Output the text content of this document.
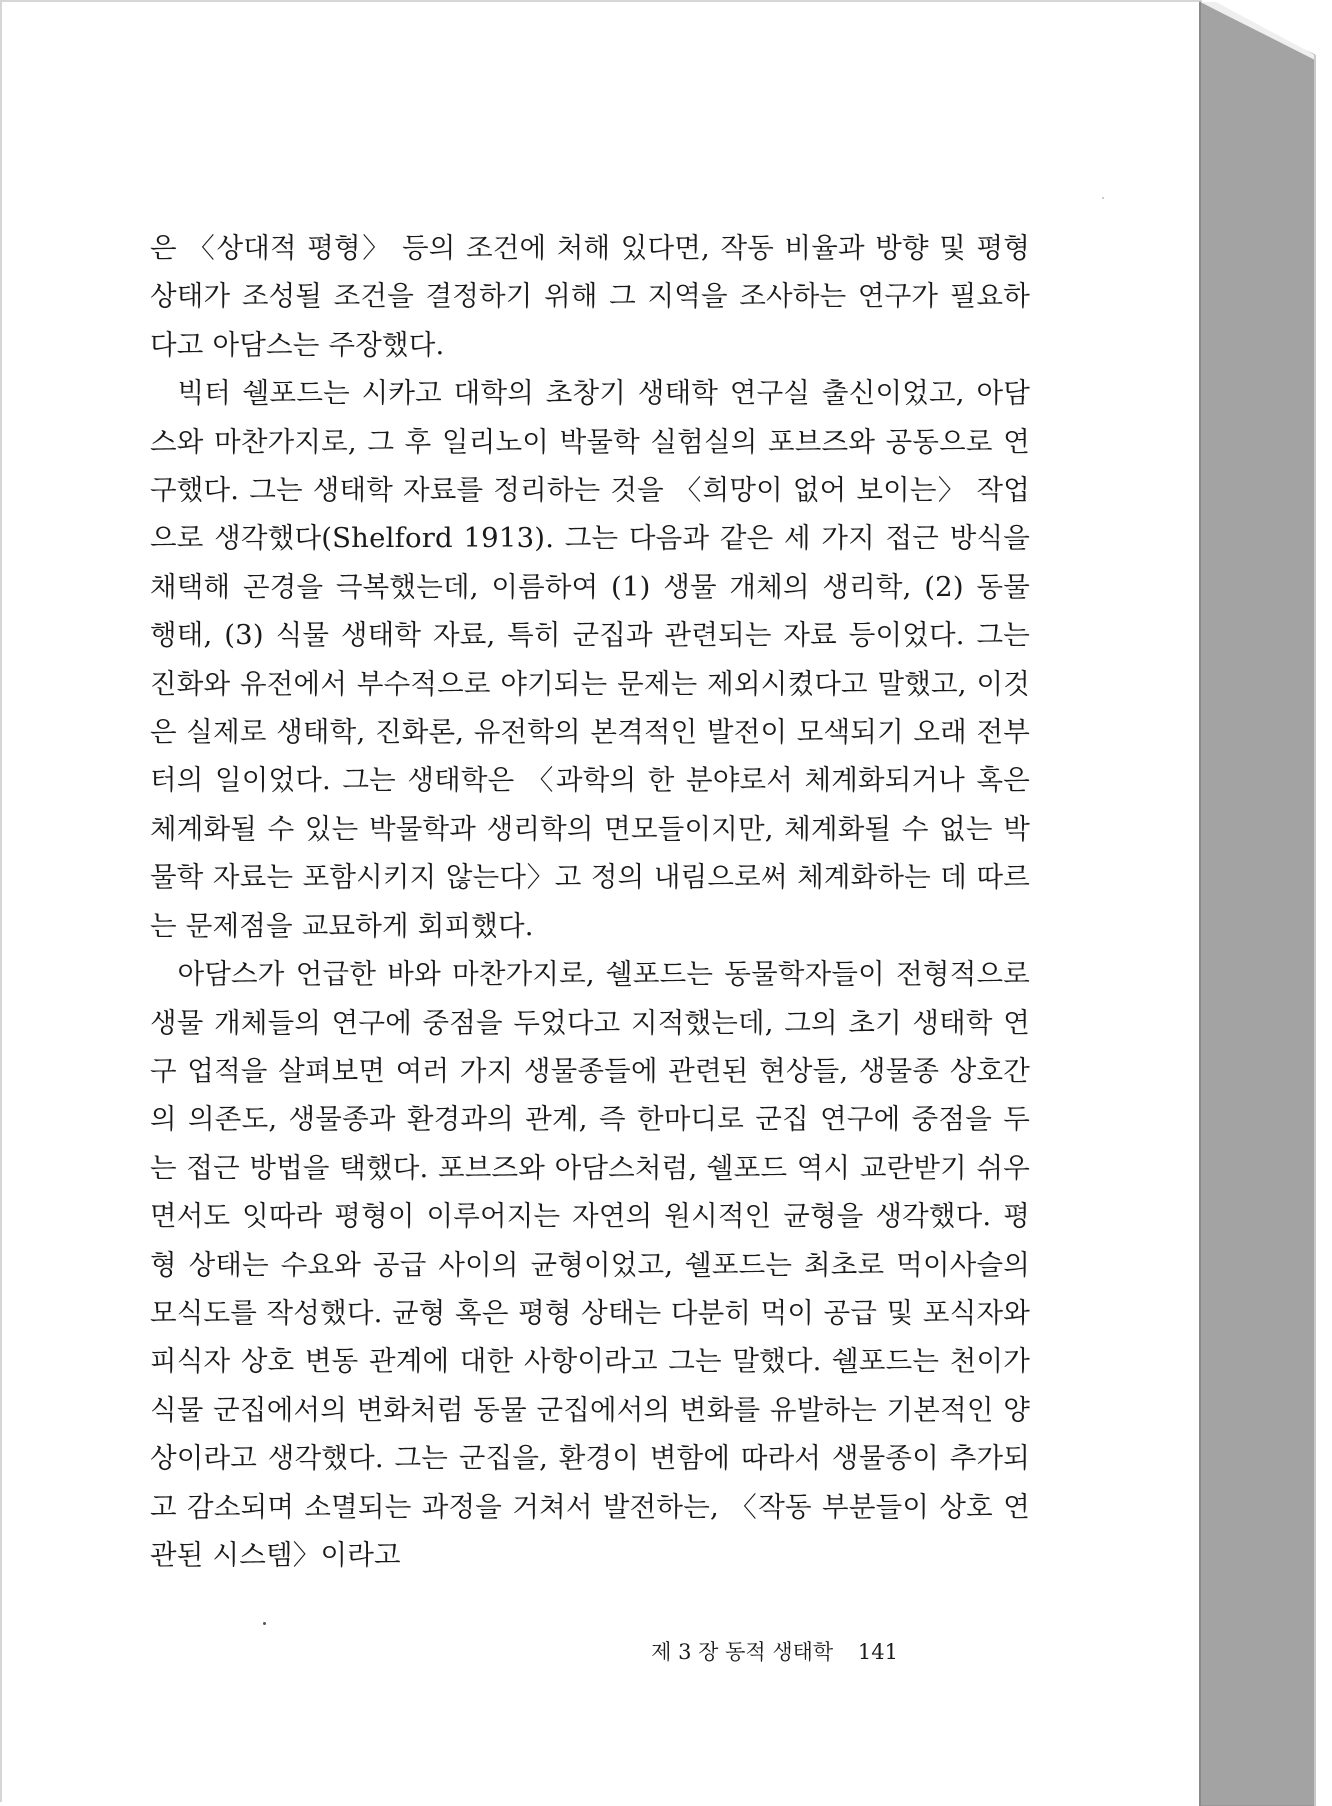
은 〈상대적 평형〉 등의 조건에 처해 있다면, 작동 비율과 방향 및 평형 상태가 조성될 조건을 결정하기 위해 그 지역을 조사하는 연구가 필요하다고 아담스는 주장했다.

빅터 쉘포드는 시카고 대학의 초창기 생태학 연구실 출신이었고, 아담스와 마찬가지로, 그 후 일리노이 박물학 실험실의 포브즈와 공동으로 연구했다. 그는 생태학 자료를 정리하는 것을 〈희망이 없어 보이는〉 작업으로 생각했다(Shelford 1913). 그는 다음과 같은 세 가지 접근 방식을 채택해 곤경을 극복했는데, 이름하여 (1) 생물 개체의 생리학, (2) 동물 행태, (3) 식물 생태학 자료, 특히 군집과 관련되는 자료 등이었다. 그는 진화와 유전에서 부수적으로 야기되는 문제는 제외시켰다고 말했고, 이것은 실제로 생태학, 진화론, 유전학의 본격적인 발전이 모색되기 오래 전부터의 일이었다. 그는 생태학은 〈과학의 한 분야로서 체계화되거나 혹은 체계화될 수 있는 박물학과 생리학의 면모들이지만, 체계화될 수 없는 박물학 자료는 포함시키지 않는다〉고 정의 내림으로써 체계화하는 데 따르는 문제점을 교묘하게 회피했다.

아담스가 언급한 바와 마찬가지로, 쉘포드는 동물학자들이 전형적으로 생물 개체들의 연구에 중점을 두었다고 지적했는데, 그의 초기 생태학 연구 업적을 살펴보면 여러 가지 생물종들에 관련된 현상들, 생물종 상호간의 의존도, 생물종과 환경과의 관계, 즉 한마디로 군집 연구에 중점을 두는 접근 방법을 택했다. 포브즈와 아담스처럼, 쉘포드 역시 교란받기 쉬우면서도 잇따라 평형이 이루어지는 자연의 원시적인 균형을 생각했다. 평형 상태는 수요와 공급 사이의 균형이었고, 쉘포드는 최초로 먹이사슬의 모식도를 작성했다. 균형 혹은 평형 상태는 다분히 먹이 공급 및 포식자와 피식자 상호 변동 관계에 대한 사항이라고 그는 말했다. 쉘포드는 천이가 식물 군집에서의 변화처럼 동물 군집에서의 변화를 유발하는 기본적인 양상이라고 생각했다. 그는 군집을, 환경이 변함에 따라서 생물종이 추가되고 감소되며 소멸되는 과정을 거쳐서 발전하는, 〈작동 부분들이 상호 연관된 시스템〉이라고

제 3 장 동적 생태학 141
